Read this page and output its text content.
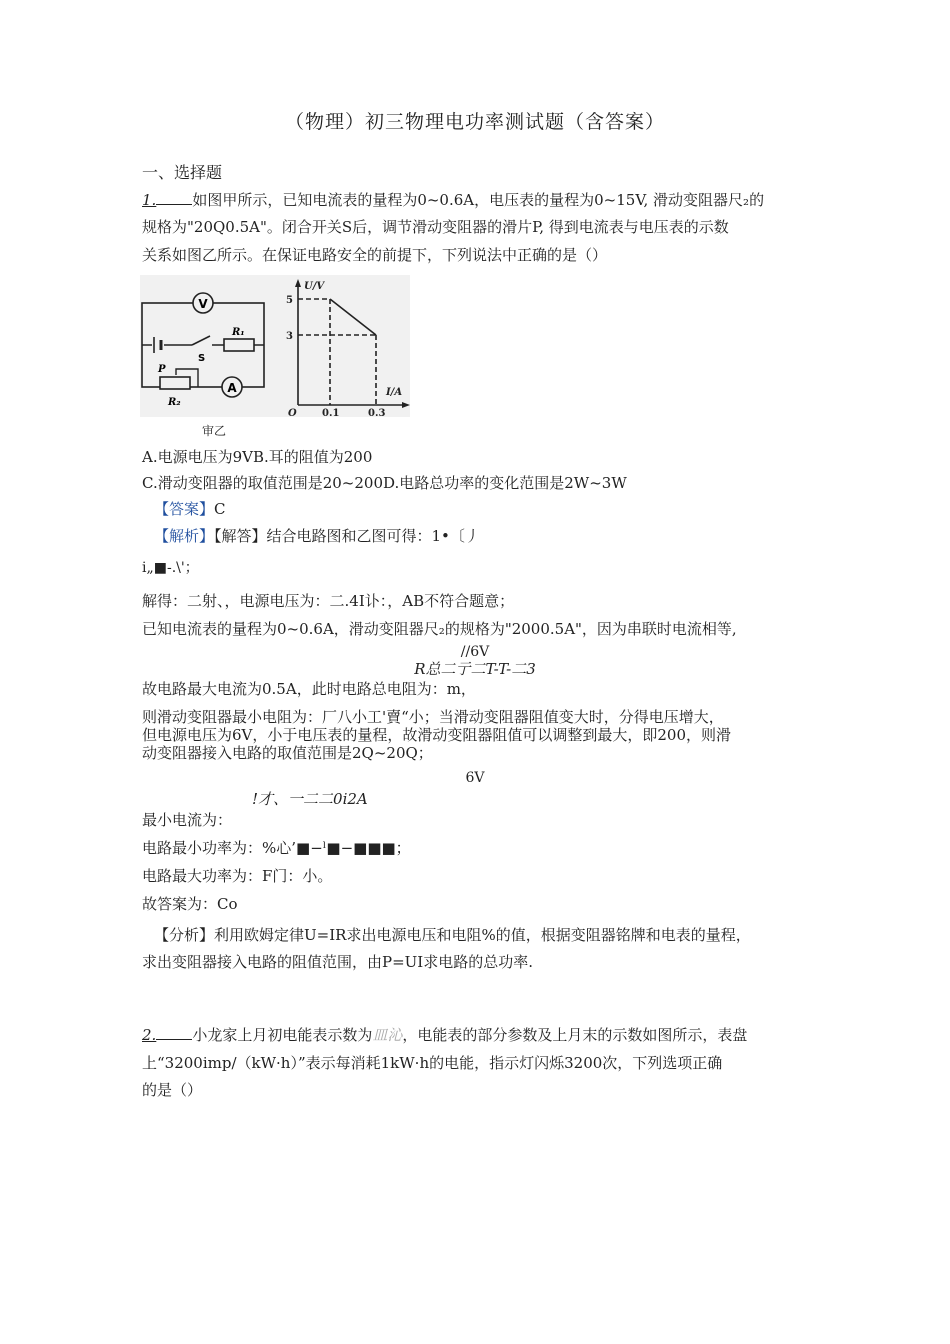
（物理）初三物理电功率测试题（含答案）
一、选择题
1. 如图甲所示，已知电流表的量程为0~0.6A，电压表的量程为0~15V, 滑动变阻器尺₂的
规格为"20Q0.5A"。闭合开关S后，调节滑动变阻器的滑片P, 得到电流表与电压表的示数
关系如图乙所示。在保证电路安全的前提下，下列说法中正确的是（）
V
S
R₁
P
R₂
A
U/V
I/A
5
3
O	0.1	0.3
审乙
A.电源电压为9VB.耳的阻值为200
C.滑动变阻器的取值范围是20~200D.电路总功率的变化范围是2W~3W
【答案】C
【解析】【解答】结合电路图和乙图可得：1•〔丿
i„■-.\'；
解得：二射、，电源电压为：二.4I讣：，AB不符合题意；
已知电流表的量程为0~0.6A，滑动变阻器尺₂的规格为"2000.5A"，因为串联时电流相等,
//6V
R总二亍二T-T-二3
故电路最大电流为0.5A，此时电路总电阻为：m，
则滑动变阻器最小电阻为：厂八小工'賣“小；当滑动变阻器阻值变大时，分得电压增大，
但电源电压为6V，小于电压表的量程，故滑动变阻器阻值可以调整到最大，即200，则滑
动变阻器接入电路的取值范围是2Q~20Q；
6V
!才、一二二0i2A
最小电流为：
电路最小功率为：%心’■−ˡ■−■■■；
电路最大功率为：F门：小。
故答案为：Co
【分析】利用欧姆定律U=IR求出电源电压和电阻%的值，根据变阻器铭牌和电表的量程，
求出变阻器接入电路的阻值范围，由P=UI求电路的总功率.
2. 小龙家上月初电能表示数为皿沁，电能表的部分参数及上月末的示数如图所示，表盘
上“3200imp/（kW·h）”表示每消耗1kW·h的电能，指示灯闪烁3200次，下列选项正确
的是（）
